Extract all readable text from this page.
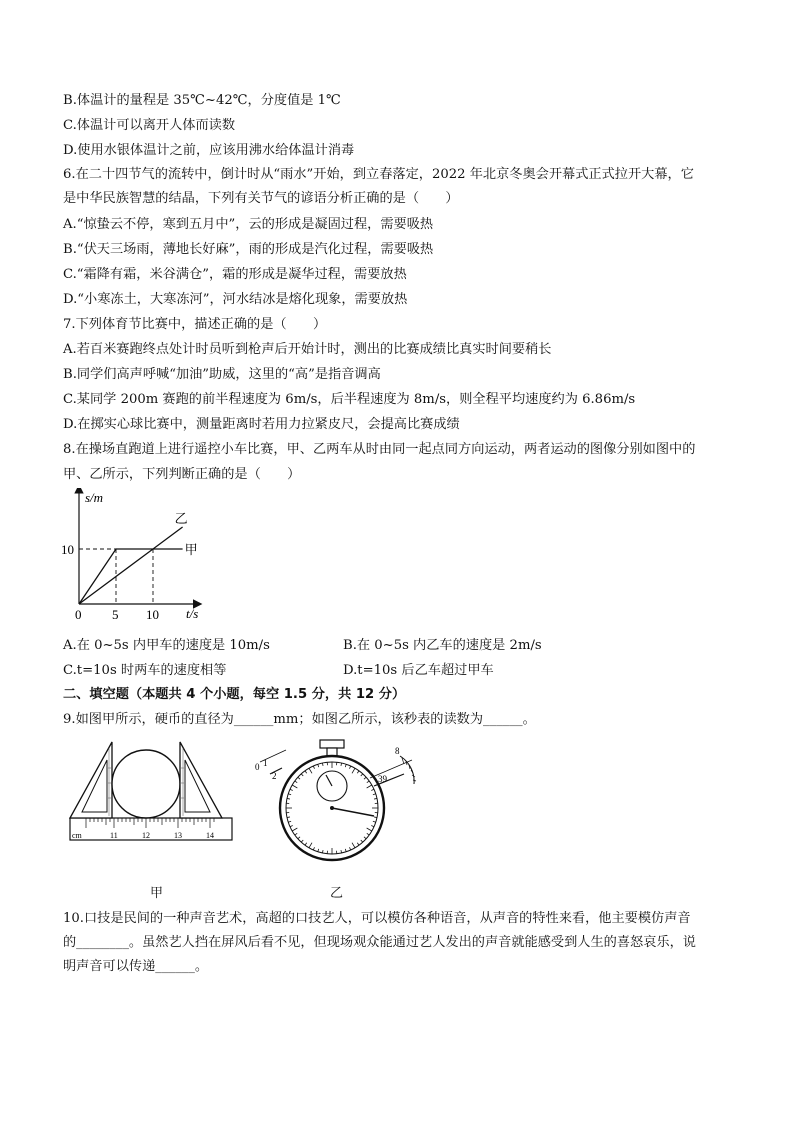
B.体温计的量程是 35℃~42℃，分度值是 1℃
C.体温计可以离开人体而读数
D.使用水银体温计之前，应该用沸水给体温计消毒
6.在二十四节气的流转中，倒计时从“雨水”开始，到立春落定，2022 年北京冬奥会开幕式正式拉开大幕，它
是中华民族智慧的结晶，下列有关节气的谚语分析正确的是（　　）
A.“惊蛰云不停，寒到五月中”，云的形成是凝固过程，需要吸热
B.“伏天三场雨，薄地长好麻”，雨的形成是汽化过程，需要吸热
C.“霜降有霜，米谷满仓”，霜的形成是凝华过程，需要放热
D.“小寒冻土，大寒冻河”，河水结冰是熔化现象，需要放热
7.下列体育节比赛中，描述正确的是（　　）
A.若百米赛跑终点处计时员听到枪声后开始计时，测出的比赛成绩比真实时间要稍长
B.同学们高声呼喊“加油”助威，这里的“高”是指音调高
C.某同学 200m 赛跑的前半程速度为 6m/s，后半程速度为 8m/s，则全程平均速度约为 6.86m/s
D.在掷实心球比赛中，测量距离时若用力拉紧皮尺，会提高比赛成绩
8.在操场直跑道上进行遥控小车比赛，甲、乙两车从时由同一起点同方向运动，两者运动的图像分别如图中的
甲、乙所示，下列判断正确的是（　　）
甲
乙
s/m
t/s
0 5 10
10
A.在 0~5s 内甲车的速度是 10m/s	B.在 0~5s 内乙车的速度是 2m/s
C.t=10s 时两车的速度相等	D.t=10s 后乙车超过甲车
二、填空题（本题共 4 个小题，每空 1.5 分，共 12 分）
9.如图甲所示，硬币的直径为______mm；如图乙所示，该秒表的读数为______。
cm	11	12	13	14
0 1
2
8
39
甲	乙
10.口技是民间的一种声音艺术，高超的口技艺人，可以模仿各种语音，从声音的特性来看，他主要模仿声音
的________。虽然艺人挡在屏风后看不见，但现场观众能通过艺人发出的声音就能感受到人生的喜怒哀乐，说
明声音可以传递______。
